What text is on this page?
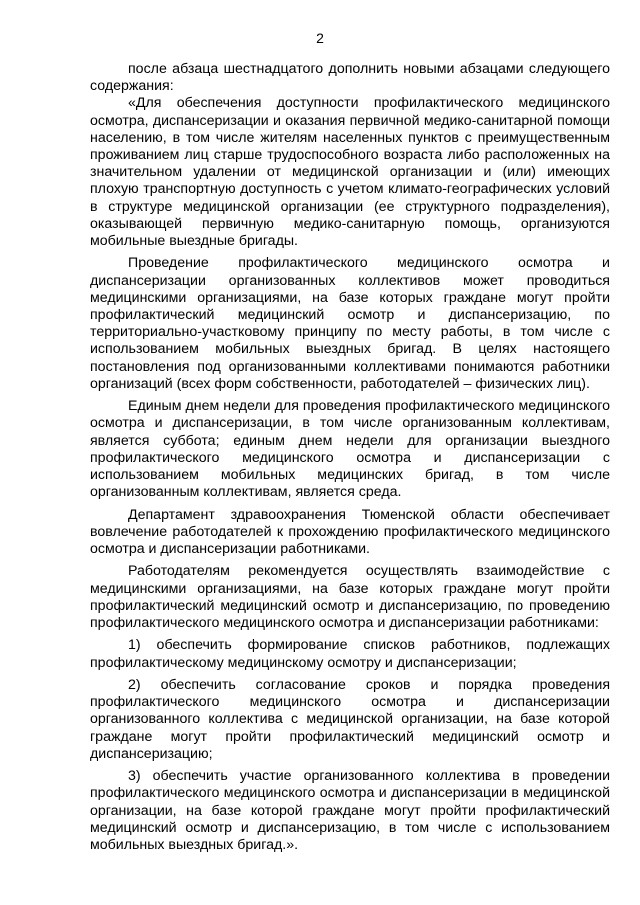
2

после абзаца шестнадцатого дополнить новыми абзацами следующего содержания:

«Для обеспечения доступности профилактического медицинского осмотра, диспансеризации и оказания первичной медико-санитарной помощи населению, в том числе жителям населенных пунктов с преимущественным проживанием лиц старше трудоспособного возраста либо расположенных на значительном удалении от медицинской организации и (или) имеющих плохую транспортную доступность с учетом климато-географических условий в структуре медицинской организации (ее структурного подразделения), оказывающей первичную медико-санитарную помощь, организуются мобильные выездные бригады.

Проведение профилактического медицинского осмотра и диспансеризации организованных коллективов может проводиться медицинскими организациями, на базе которых граждане могут пройти профилактический медицинский осмотр и диспансеризацию, по территориально-участковому принципу по месту работы, в том числе с использованием мобильных выездных бригад. В целях настоящего постановления под организованными коллективами понимаются работники организаций (всех форм собственности, работодателей – физических лиц).

Единым днем недели для проведения профилактического медицинского осмотра и диспансеризации, в том числе организованным коллективам, является суббота; единым днем недели для организации выездного профилактического медицинского осмотра и диспансеризации с использованием мобильных медицинских бригад, в том числе организованным коллективам, является среда.

Департамент здравоохранения Тюменской области обеспечивает вовлечение работодателей к прохождению профилактического медицинского осмотра и диспансеризации работниками.

Работодателям рекомендуется осуществлять взаимодействие с медицинскими организациями, на базе которых граждане могут пройти профилактический медицинский осмотр и диспансеризацию, по проведению профилактического медицинского осмотра и диспансеризации работниками:

1) обеспечить формирование списков работников, подлежащих профилактическому медицинскому осмотру и диспансеризации;

2) обеспечить согласование сроков и порядка проведения профилактического медицинского осмотра и диспансеризации организованного коллектива с медицинской организации, на базе которой граждане могут пройти профилактический медицинский осмотр и диспансеризацию;

3) обеспечить участие организованного коллектива в проведении профилактического медицинского осмотра и диспансеризации в медицинской организации, на базе которой граждане могут пройти профилактический медицинский осмотр и диспансеризацию, в том числе с использованием мобильных выездных бригад.».
